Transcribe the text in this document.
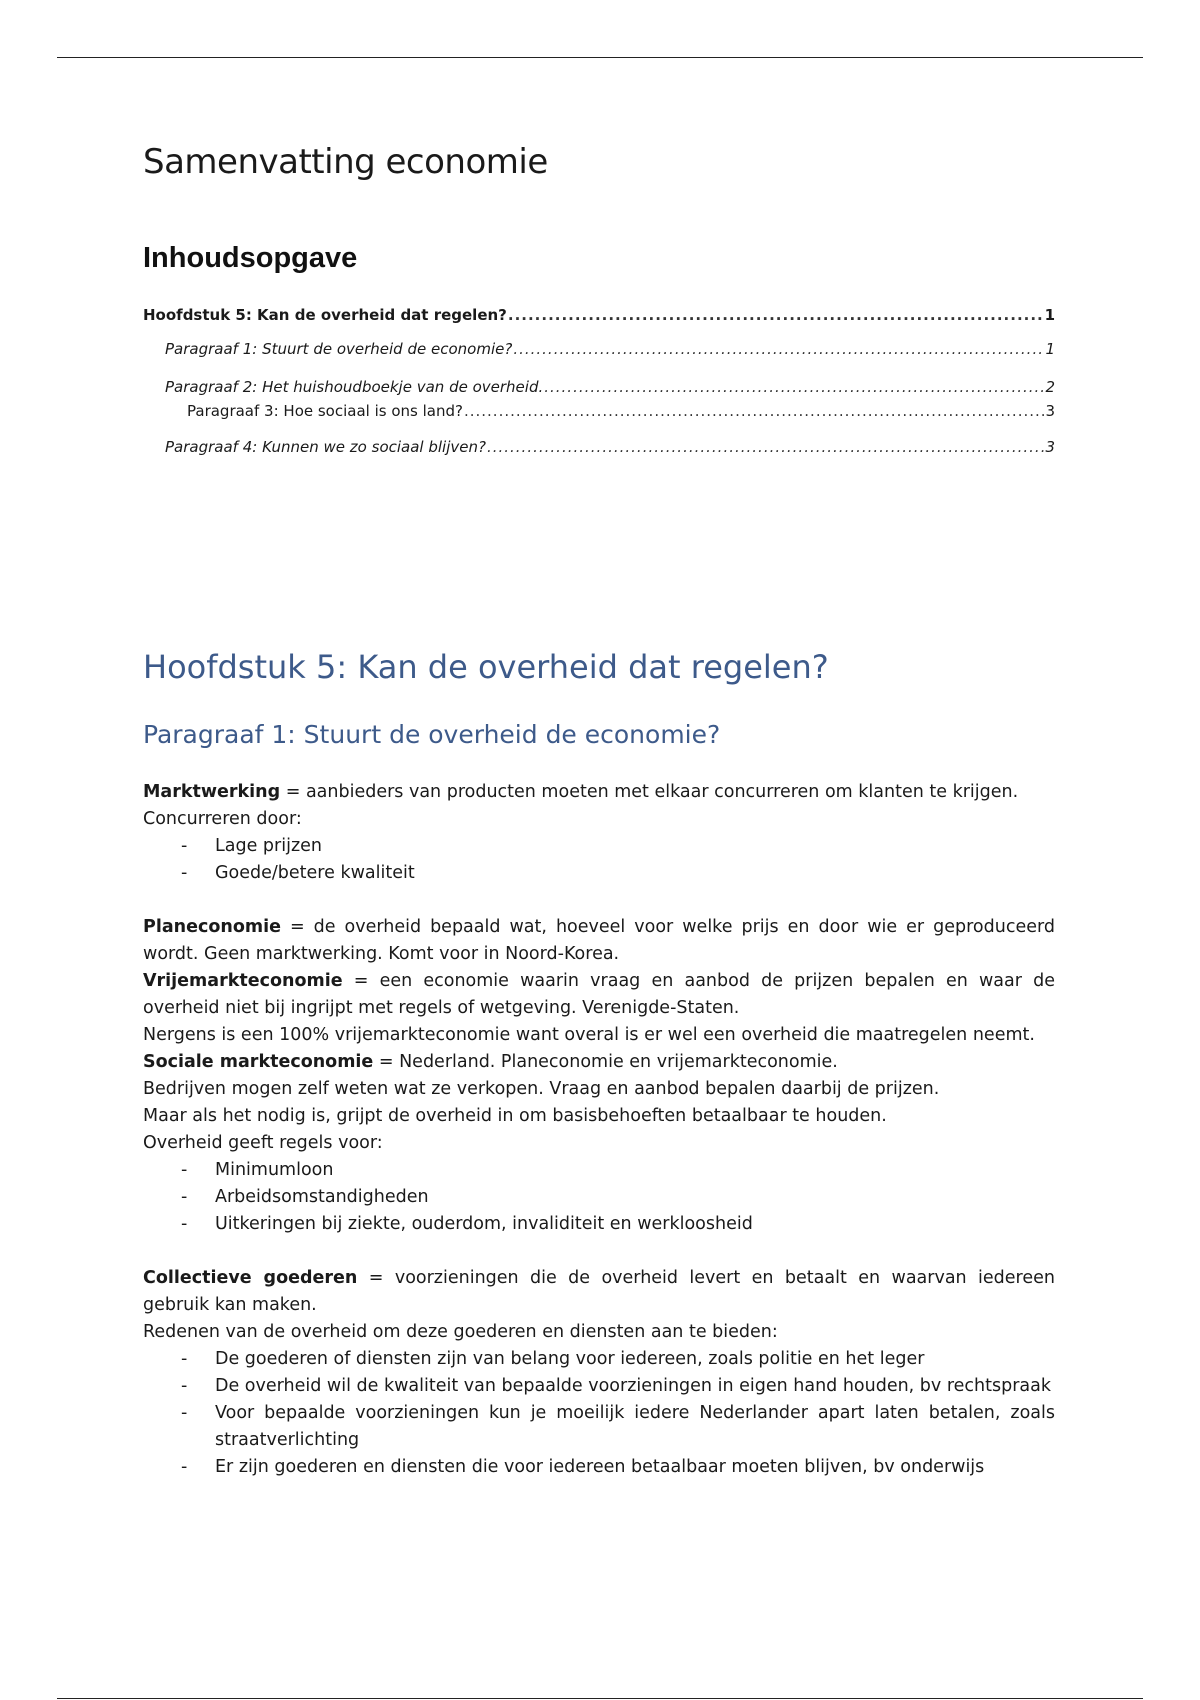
Samenvatting economie
Inhoudsopgave
Hoofdstuk 5: Kan de overheid dat regelen? .....	1
Paragraaf 1: Stuurt de overheid de economie? .....	1
Paragraaf 2: Het huishoudboekje van de overheid. .....	2
Paragraaf 3: Hoe sociaal is ons land? .....	3
Paragraaf 4: Kunnen we zo sociaal blijven? .....	3
Hoofdstuk 5: Kan de overheid dat regelen?
Paragraaf 1: Stuurt de overheid de economie?

Marktwerking = aanbieders van producten moeten met elkaar concurreren om klanten te krijgen.

Concurreren door:

- Lage prijzen
- Goede/betere kwaliteit

Planeconomie = de overheid bepaald wat, hoeveel voor welke prijs en door wie er geproduceerd wordt. Geen marktwerking. Komt voor in Noord-Korea.

Vrijemarkteconomie = een economie waarin vraag en aanbod de prijzen bepalen en waar de overheid niet bij ingrijpt met regels of wetgeving. Verenigde-Staten.

Nergens is een 100% vrijemarkteconomie want overal is er wel een overheid die maatregelen neemt.

Sociale markteconomie = Nederland. Planeconomie en vrijemarkteconomie.

Bedrijven mogen zelf weten wat ze verkopen. Vraag en aanbod bepalen daarbij de prijzen.

Maar als het nodig is, grijpt de overheid in om basisbehoeften betaalbaar te houden.

Overheid geeft regels voor:

- Minimumloon
- Arbeidsomstandigheden
- Uitkeringen bij ziekte, ouderdom, invaliditeit en werkloosheid

Collectieve goederen = voorzieningen die de overheid levert en betaalt en waarvan iedereen gebruik kan maken.

Redenen van de overheid om deze goederen en diensten aan te bieden:

- De goederen of diensten zijn van belang voor iedereen, zoals politie en het leger
- De overheid wil de kwaliteit van bepaalde voorzieningen in eigen hand houden, bv rechtspraak
- Voor bepaalde voorzieningen kun je moeilijk iedere Nederlander apart laten betalen, zoals straatverlichting
- Er zijn goederen en diensten die voor iedereen betaalbaar moeten blijven, bv onderwijs
